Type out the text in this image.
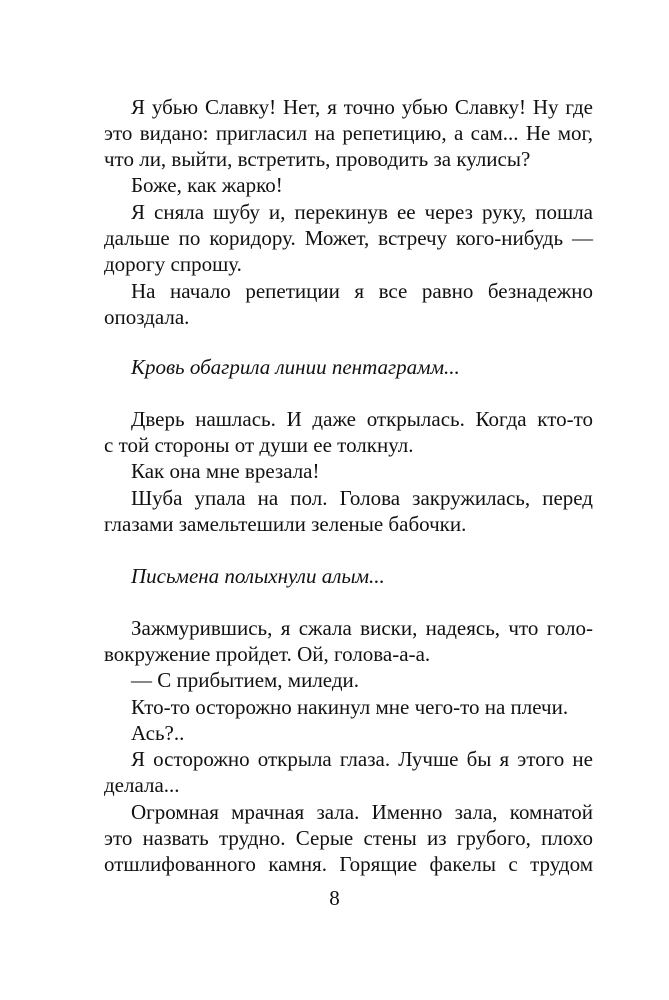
Я убью Славку! Нет, я точно убью Славку! Ну где
это видано: пригласил на репетицию, а сам... Не мог,
что ли, выйти, встретить, проводить за кулисы?
Боже, как жарко!
Я сняла шубу и, перекинув ее через руку, пошла
дальше по коридору. Может, встречу кого-нибудь —
дорогу спрошу.
На начало репетиции я все равно безнадежно
опоздала.
Кровь обагрила линии пентаграмм...
Дверь нашлась. И даже открылась. Когда кто-то
с той стороны от души ее толкнул.
Как она мне врезала!
Шуба упала на пол. Голова закружилась, перед
глазами замельтешили зеленые бабочки.
Письмена полыхнули алым...
Зажмурившись, я сжала виски, надеясь, что голо-
вокружение пройдет. Ой, голова-а-а.
— С прибытием, миледи.
Кто-то осторожно накинул мне чего-то на плечи.
Ась?..
Я осторожно открыла глаза. Лучше бы я этого не
делала...
Огромная мрачная зала. Именно зала, комнатой
это назвать трудно. Серые стены из грубого, плохо
отшлифованного камня. Горящие факелы с трудом
8
